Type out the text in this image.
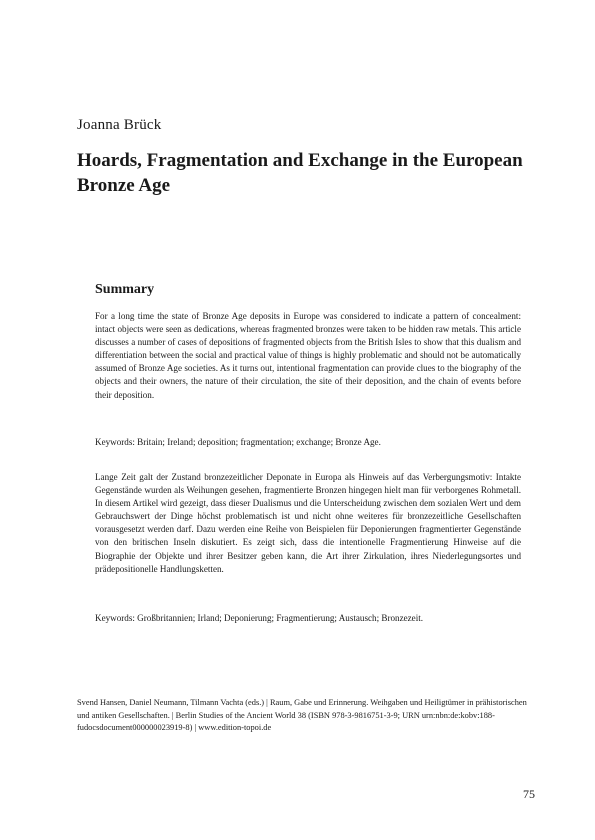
Joanna Brück
Hoards, Fragmentation and Exchange in the European Bronze Age
Summary
For a long time the state of Bronze Age deposits in Europe was considered to indicate a pattern of concealment: intact objects were seen as dedications, whereas fragmented bronzes were taken to be hidden raw metals. This article discusses a number of cases of depositions of fragmented objects from the British Isles to show that this dualism and differentiation between the social and practical value of things is highly problematic and should not be automatically assumed of Bronze Age societies. As it turns out, intentional fragmentation can provide clues to the biography of the objects and their owners, the nature of their circulation, the site of their deposition, and the chain of events before their deposition.
Keywords: Britain; Ireland; deposition; fragmentation; exchange; Bronze Age.
Lange Zeit galt der Zustand bronzezeitlicher Deponate in Europa als Hinweis auf das Verbergungsmotiv: Intakte Gegenstände wurden als Weihungen gesehen, fragmentierte Bronzen hingegen hielt man für verborgenes Rohmetall. In diesem Artikel wird gezeigt, dass dieser Dualismus und die Unterscheidung zwischen dem sozialen Wert und dem Gebrauchswert der Dinge höchst problematisch ist und nicht ohne weiteres für bronzezeitliche Gesellschaften vorausgesetzt werden darf. Dazu werden eine Reihe von Beispielen für Deponierungen fragmentierter Gegenstände von den britischen Inseln diskutiert. Es zeigt sich, dass die intentionelle Fragmentierung Hinweise auf die Biographie der Objekte und ihrer Besitzer geben kann, die Art ihrer Zirkulation, ihres Niederlegungsortes und prädepositionelle Handlungsketten.
Keywords: Großbritannien; Irland; Deponierung; Fragmentierung; Austausch; Bronzezeit.
Svend Hansen, Daniel Neumann, Tilmann Vachta (eds.) | Raum, Gabe und Erinnerung. Weihgaben und Heiligtümer in prähistorischen und antiken Gesellschaften. | Berlin Studies of the Ancient World 38 (ISBN 978-3-9816751-3-9; URN urn:nbn:de:kobv:188-fudocsdocument000000023919-8) | www.edition-topoi.de
75
